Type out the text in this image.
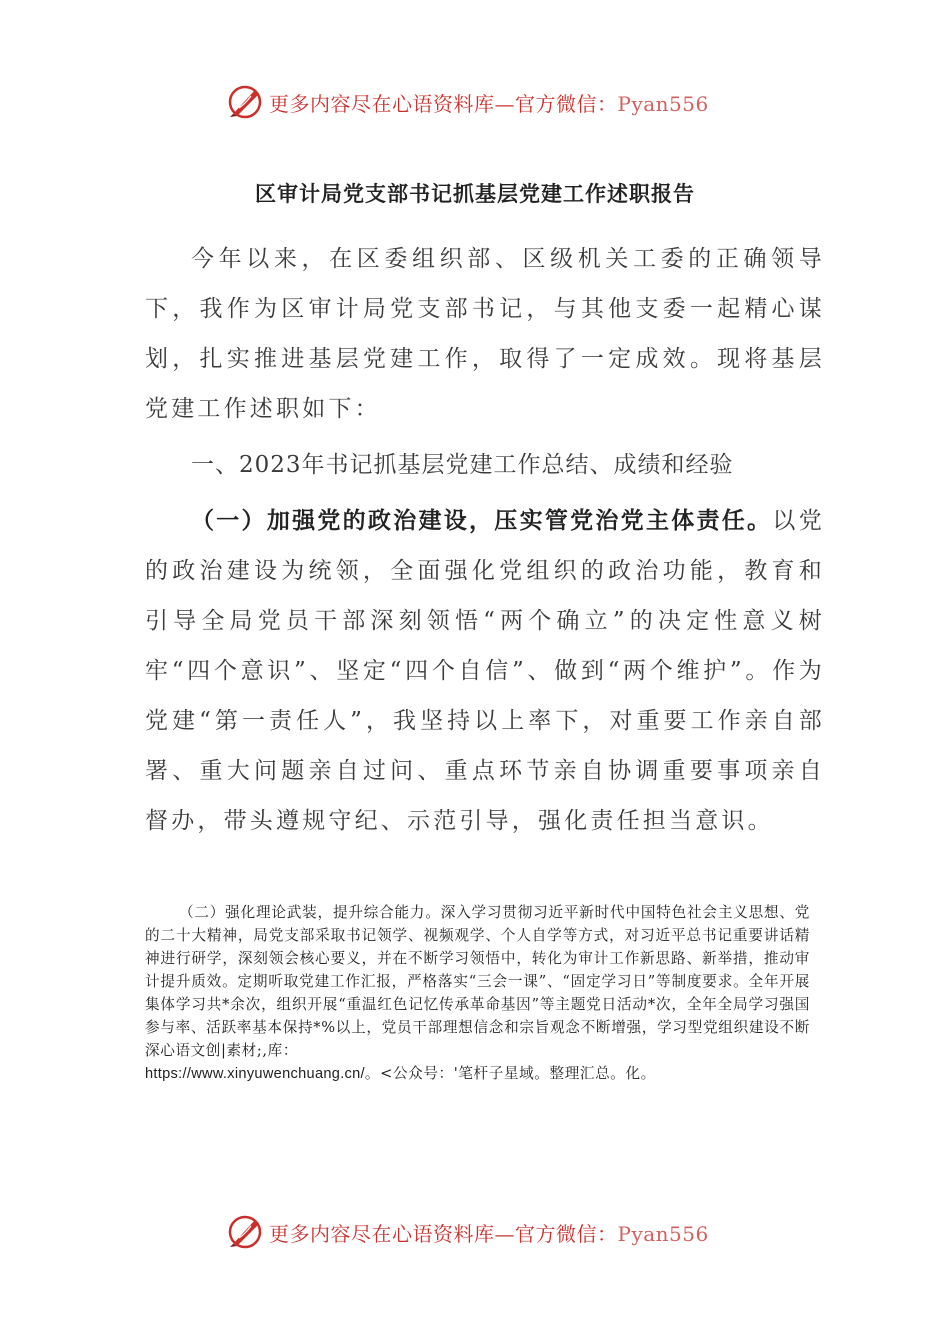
更多内容尽在心语资料库—官方微信：Pyan556
区审计局党支部书记抓基层党建工作述职报告

今年以来，在区委组织部、区级机关工委的正确领导下，我作为区审计局党支部书记，与其他支委一起精心谋划，扎实推进基层党建工作，取得了一定成效。现将基层党建工作述职如下：

一、2023年书记抓基层党建工作总结、成绩和经验

（一）加强党的政治建设，压实管党治党主体责任。以党的政治建设为统领，全面强化党组织的政治功能，教育和引导全局党员干部深刻领悟“两个确立”的决定性意义树牢“四个意识”、坚定“四个自信”、做到“两个维护”。作为党建“第一责任人”，我坚持以上率下，对重要工作亲自部署、重大问题亲自过问、重点环节亲自协调重要事项亲自督办，带头遵规守纪、示范引导，强化责任担当意识。

（二）强化理论武装，提升综合能力。深入学习贯彻习近平新时代中国特色社会主义思想、党的二十大精神，局党支部采取书记领学、视频观学、个人自学等方式，对习近平总书记重要讲话精神进行研学，深刻领会核心要义，并在不断学习领悟中，转化为审计工作新思路、新举措，推动审计提升质效。定期听取党建工作汇报，严格落实“三会一课”、“固定学习日”等制度要求。全年开展集体学习共*余次，组织开展“重温红色记忆传承革命基因”等主题党日活动*次，全年全局学习强国参与率、活跃率基本保持*%以上，党员干部理想信念和宗旨观念不断增强，学习型党组织建设不断深心语文创|素材;,库：
https://www.xinyuwenchuang.cn/。<公众号：'笔杆子星域。整理汇总。化。

更多内容尽在心语资料库—官方微信：Pyan556
